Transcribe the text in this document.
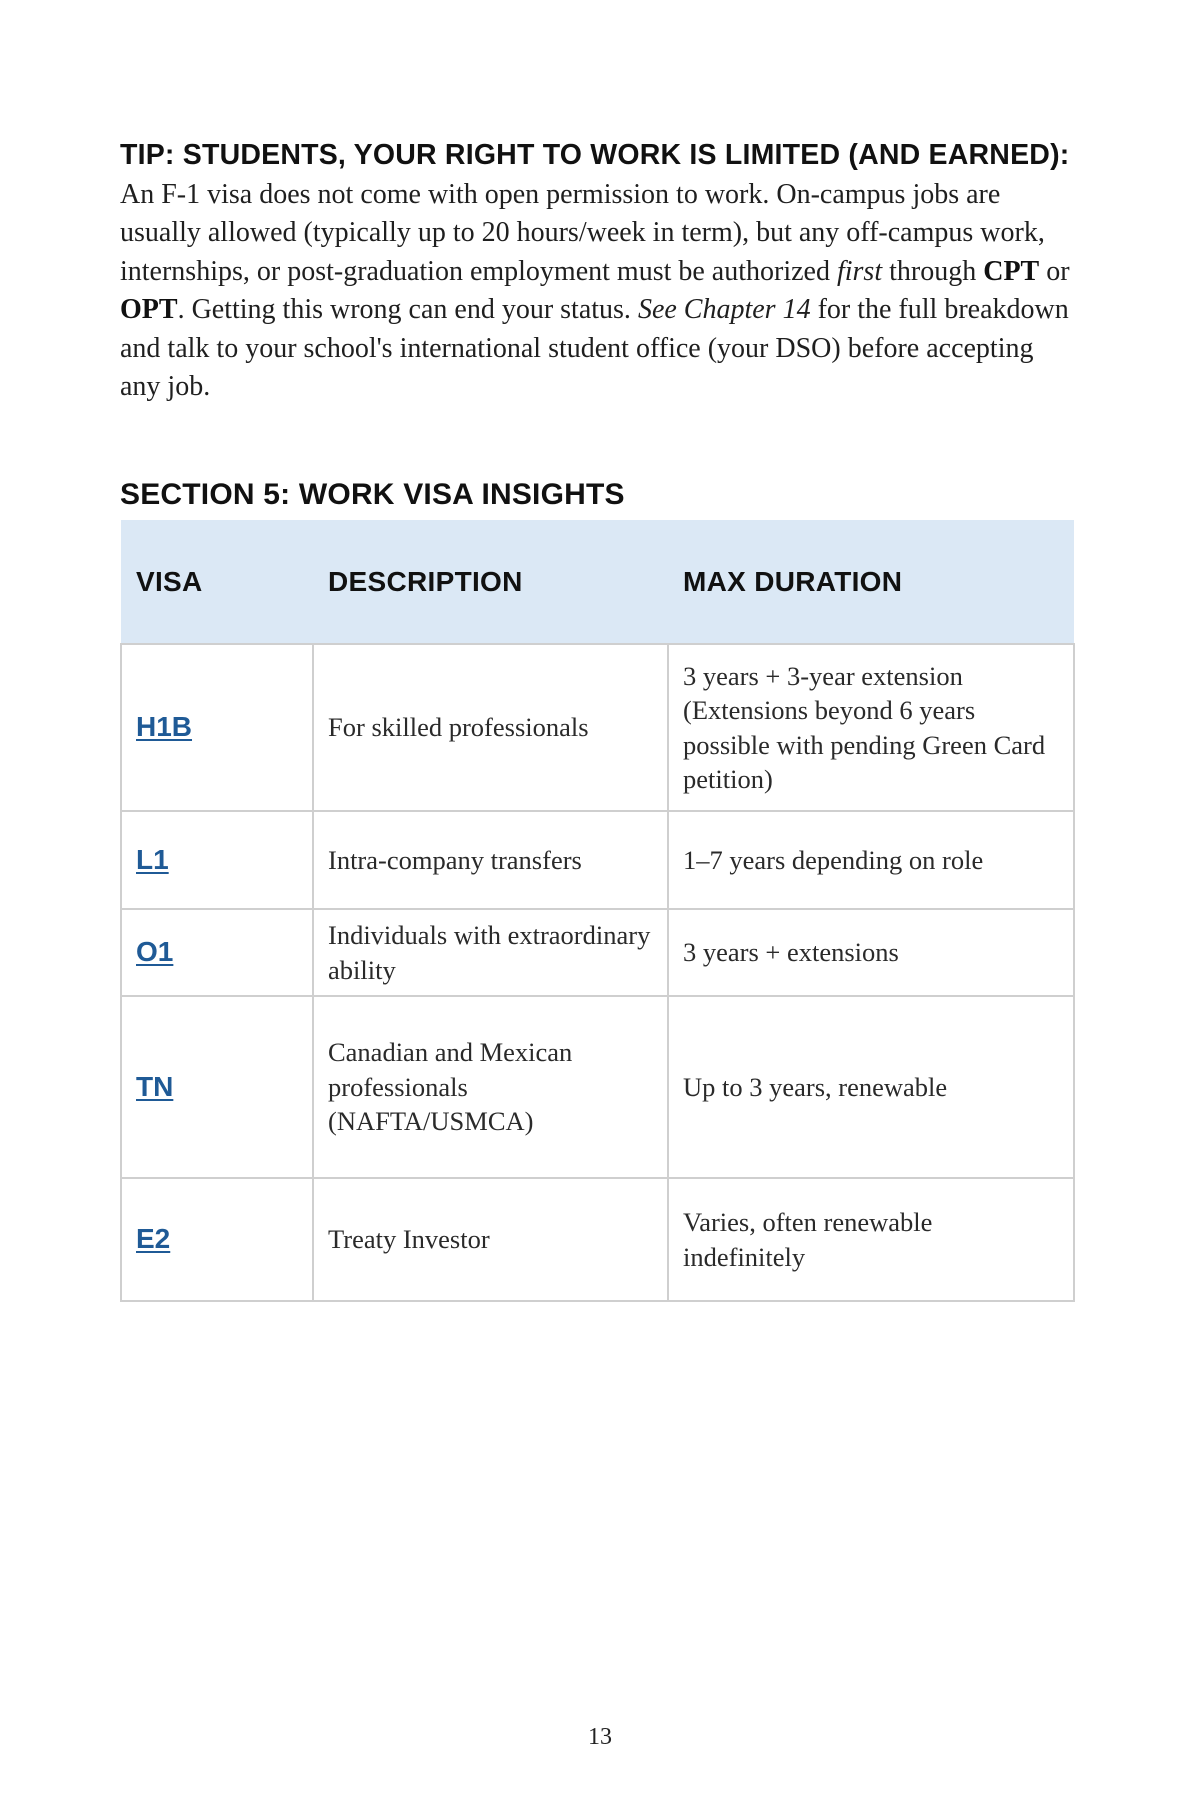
TIP: STUDENTS, YOUR RIGHT TO WORK IS LIMITED (AND EARNED): An F-1 visa does not come with open permission to work. On-campus jobs are usually allowed (typically up to 20 hours/week in term), but any off-campus work, internships, or post-graduation employment must be authorized first through CPT or OPT. Getting this wrong can end your status. See Chapter 14 for the full breakdown and talk to your school's international student office (your DSO) before accepting any job.

SECTION 5: WORK VISA INSIGHTS
VISA	DESCRIPTION	MAX DURATION
H1B	For skilled professionals	3 years + 3-year extension (Extensions beyond 6 years possible with pending Green Card petition)
L1	Intra-company transfers	1–7 years depending on role
O1	Individuals with extraordinary ability	3 years + extensions
TN	Canadian and Mexican professionals (NAFTA/USMCA)	Up to 3 years, renewable
E2	Treaty Investor	Varies, often renewable indefinitely
13
